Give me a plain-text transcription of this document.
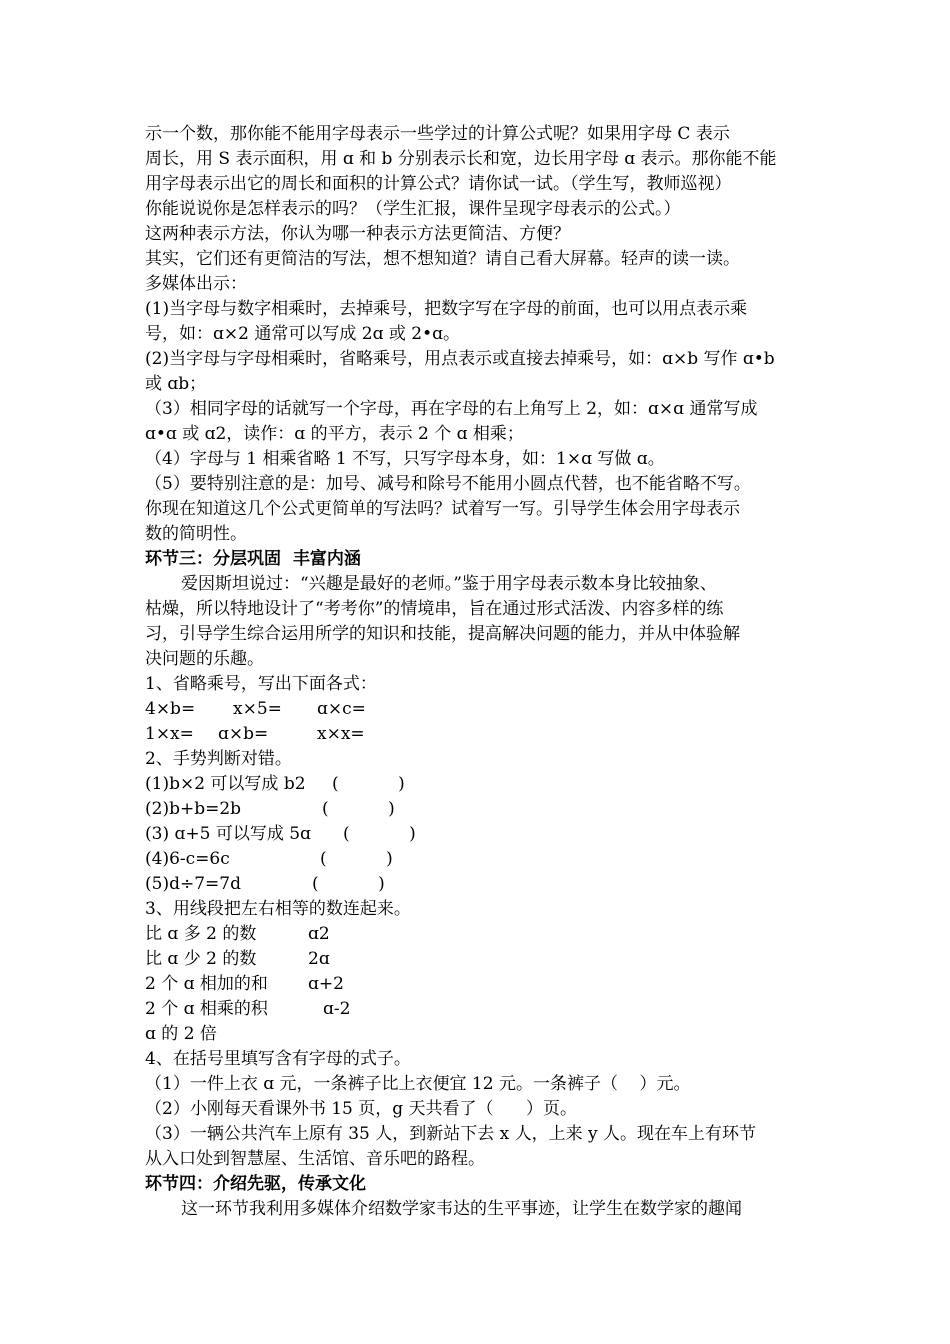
示一个数，那你能不能用字母表示一些学过的计算公式呢？如果用字母 C 表示
周长，用 S 表示面积，用 ɑ 和 b 分别表示长和宽，边长用字母 ɑ 表示。那你能不能
用字母表示出它的周长和面积的计算公式？请你试一试。（学生写，教师巡视）
你能说说你是怎样表示的吗？（学生汇报，课件呈现字母表示的公式。）
这两种表示方法，你认为哪一种表示方法更简洁、方便？
其实，它们还有更简洁的写法，想不想知道？请自己看大屏幕。轻声的读一读。
多媒体出示：
(1)当字母与数字相乘时，去掉乘号，把数字写在字母的前面，也可以用点表示乘
号，如：ɑ×2 通常可以写成 2ɑ 或 2•ɑ。
(2)当字母与字母相乘时，省略乘号，用点表示或直接去掉乘号，如：ɑ×b 写作 ɑ•b
或 ɑb；
（3）相同字母的话就写一个字母，再在字母的右上角写上 2，如：ɑ×ɑ 通常写成
ɑ•ɑ 或 ɑ2，读作：ɑ 的平方，表示 2 个 ɑ 相乘；
（4）字母与 1 相乘省略 1 不写，只写字母本身，如：1×ɑ 写做 ɑ。
（5）要特别注意的是：加号、减号和除号不能用小圆点代替，也不能省略不写。
你现在知道这几个公式更简单的写法吗？试着写一写。引导学生体会用字母表示
数的简明性。
环节三：分层巩固  丰富内涵
爱因斯坦说过：“兴趣是最好的老师。”鉴于用字母表示数本身比较抽象、
枯燥，所以特地设计了“考考你”的情境串，旨在通过形式活泼、内容多样的练
习，引导学生综合运用所学的知识和技能，提高解决问题的能力，并从中体验解
决问题的乐趣。
1、省略乘号，写出下面各式：
4×b=	x×5=	ɑ×c=
1×x=	ɑ×b=	x×x=
2、手势判断对错。
(1)b×2 可以写成 b2	(           )
(2)b+b=2b	(           )
(3) ɑ+5 可以写成 5ɑ	(           )
(4)6-c=6c	(           )
(5)d÷7=7d	(           )
3、用线段把左右相等的数连起来。
比 ɑ 多 2 的数	ɑ2
比 ɑ 少 2 的数	2ɑ
2 个 ɑ 相加的和	ɑ+2
2 个 ɑ 相乘的积	ɑ-2
ɑ 的 2 倍
4、在括号里填写含有字母的式子。
（1）一件上衣 ɑ 元，一条裤子比上衣便宜 12 元。一条裤子（    ）元。
（2）小刚每天看课外书 15 页，g 天共看了（      ）页。
（3）一辆公共汽车上原有 35 人，到新站下去 x 人，上来 y 人。现在车上有环节
从入口处到智慧屋、生活馆、音乐吧的路程。
环节四：介绍先驱，传承文化
这一环节我利用多媒体介绍数学家韦达的生平事迹，让学生在数学家的趣闻
